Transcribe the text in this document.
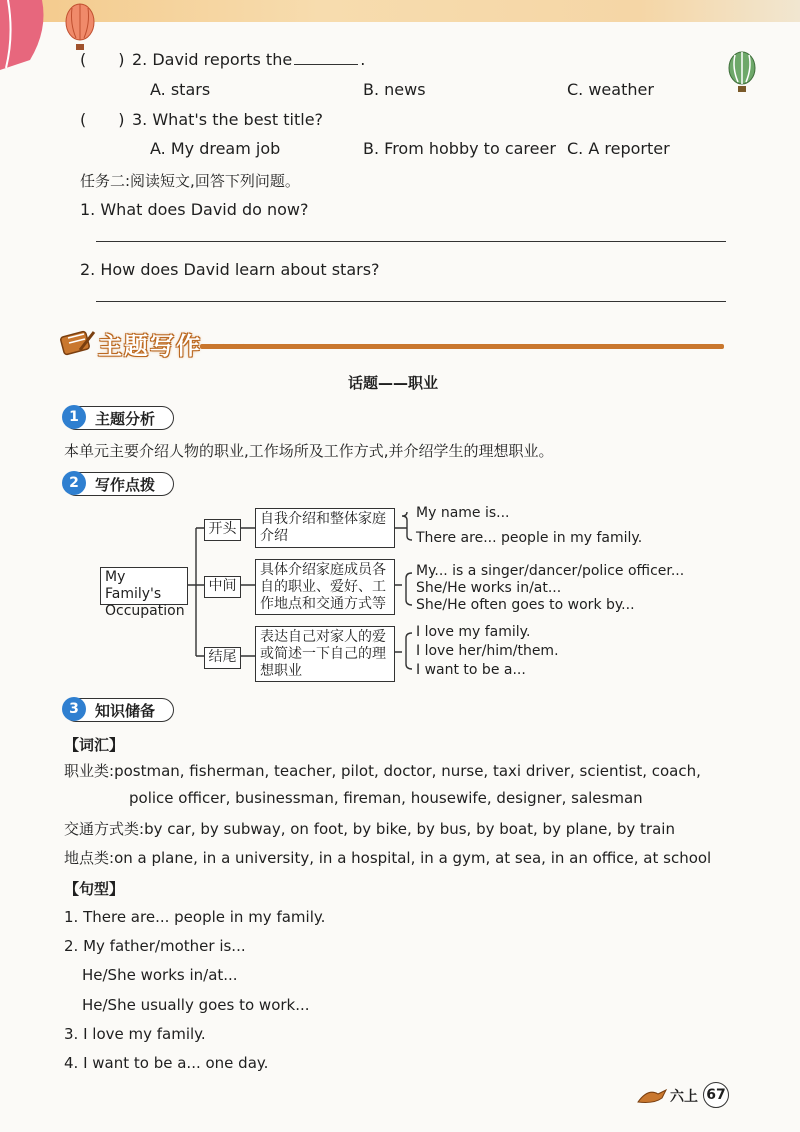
( ) 2. David reports the	.
A. stars	B. news	C. weather
( ) 3. What's the best title?
A. My dream job	B. From hobby to career C. A reporter
任务二:阅读短文,回答下列问题。
1. What does David do now?
2. How does David learn about stars?
<<<<<<
主题写作
话题——职业
1	主题分析
本单元主要介绍人物的职业,工作场所及工作方式,并介绍学生的理想职业。
2	写作点拨
My Family's
Occupation
开头
中间
结尾
自我介绍和整体家庭
介绍
具体介绍家庭成员各
自的职业、爱好、工
作地点和交通方式等
表达自己对家人的爱
或简述一下自己的理
想职业
My name is...
There are... people in my family.
My... is a singer/dancer/police officer...
She/He works in/at...
She/He often goes to work by...
I love my family.
I love her/him/them.
I want to be a...
3	知识储备
【词汇】
职业类:postman, fisherman, teacher, pilot, doctor, nurse, taxi driver, scientist, coach,
police officer, businessman, fireman, housewife, designer, salesman
交通方式类:by car, by subway, on foot, by bike, by bus, by boat, by plane, by train
地点类:on a plane, in a university, in a hospital, in a gym, at sea, in an office, at school
【句型】
1. There are... people in my family.
2. My father/mother is...
He/She works in/at...
He/She usually goes to work...
3. I love my family.
4. I want to be a... one day.
六上 67
